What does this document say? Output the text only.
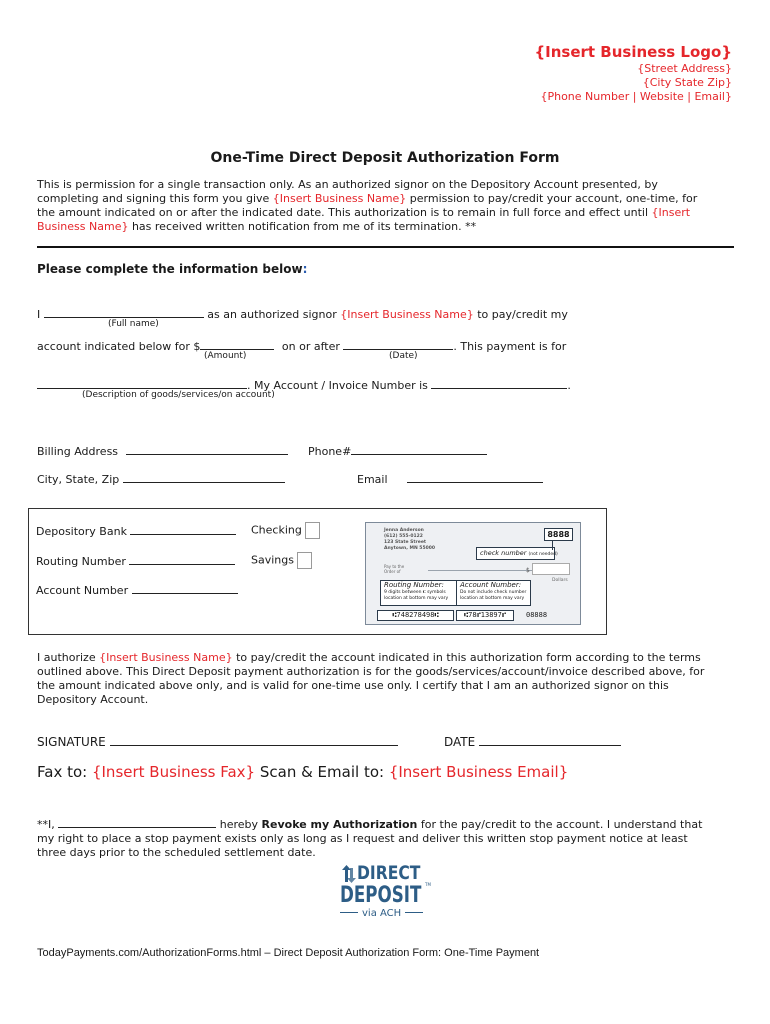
{Insert Business Logo}
{Street Address}
{City State Zip}
{Phone Number | Website | Email}
One-Time Direct Deposit Authorization Form
This is permission for a single transaction only. As an authorized signor on the Depository Account presented, by
completing and signing this form you give {Insert Business Name} permission to pay/credit your account, one-time, for
the amount indicated on or after the indicated date. This authorization is to remain in full force and effect until {Insert
Business Name} has received written notification from me of its termination. **
Please complete the information below:
I	as an authorized signor {Insert Business Name} to pay/credit my
(Full name)
account indicated below for $	on or after	. This payment is for
(Amount)	(Date)
. My Account / Invoice Number is	.
(Description of goods/services/on account)
Billing Address	Phone#
City, State, Zip	Email
Depository Bank
Routing Number
Account Number
Checking
Savings
Jenna Anderson
(612) 555-0122
123 State Street
Anytown, MN 55000
Pay to the
Order of
8888
check number (not needed)
$
Dollars
Routing Number:
9 digits between ⑆ symbols
location at bottom may vary
Account Number:
Do not include check number
location at bottom may vary
⑆748278498⑆	⑆78⑈13897⑈	08888
I authorize {Insert Business Name} to pay/credit the account indicated in this authorization form according to the terms
outlined above. This Direct Deposit payment authorization is for the goods/services/account/invoice described above, for
the amount indicated above only, and is valid for one-time use only. I certify that I am an authorized signor on this
Depository Account.
SIGNATURE	DATE
Fax to: {Insert Business Fax} Scan & Email to: {Insert Business Email}
**I,	hereby Revoke my Authorization for the pay/credit to the account. I understand that
my right to place a stop payment exists only as long as I request and deliver this written stop payment notice at least
three days prior to the scheduled settlement date.
DIRECT
DEPOSIT TM
via ACH
TodayPayments.com/AuthorizationForms.html – Direct Deposit Authorization Form: One-Time Payment
